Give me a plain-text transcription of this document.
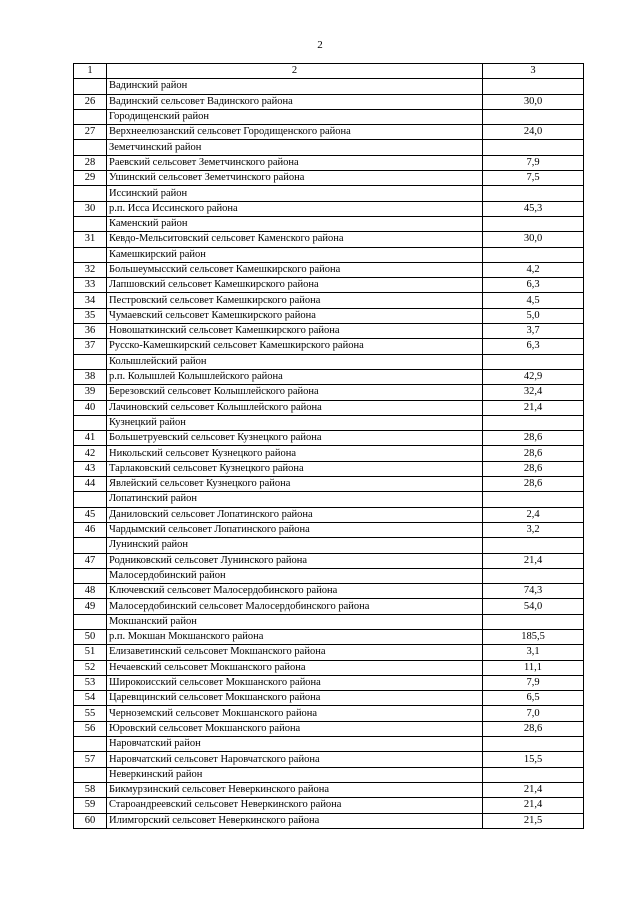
2
1	2	3
	Вадинский район	
26	Вадинский сельсовет Вадинского района	30,0
	Городищенский район	
27	Верхнеелюзанский сельсовет Городищенского района	24,0
	Земетчинский район	
28	Раевский сельсовет Земетчинского района	7,9
29	Ушинский сельсовет Земетчинского района	7,5
	Иссинский район	
30	р.п. Исса Иссинского района	45,3
	Каменский район	
31	Кевдо-Мельситовский сельсовет Каменского района	30,0
	Камешкирский район	
32	Большеумысский сельсовет Камешкирского района	4,2
33	Лапшовский сельсовет Камешкирского района	6,3
34	Пестровский сельсовет Камешкирского района	4,5
35	Чумаевский сельсовет Камешкирского района	5,0
36	Новошаткинский сельсовет Камешкирского района	3,7
37	Русско-Камешкирский сельсовет Камешкирского района	6,3
	Колышлейский район	
38	р.п. Колышлей Колышлейского района	42,9
39	Березовский сельсовет Колышлейского района	32,4
40	Лачиновский сельсовет Колышлейского района	21,4
	Кузнецкий район	
41	Большетруевский сельсовет Кузнецкого района	28,6
42	Никольский сельсовет Кузнецкого района	28,6
43	Тарлаковский сельсовет Кузнецкого района	28,6
44	Явлейский сельсовет Кузнецкого района	28,6
	Лопатинский район	
45	Даниловский сельсовет Лопатинского района	2,4
46	Чардымский сельсовет Лопатинского района	3,2
	Лунинский район	
47	Родниковский сельсовет Лунинского района	21,4
	Малосердобинский район	
48	Ключевский сельсовет Малосердобинского района	74,3
49	Малосердобинский сельсовет Малосердобинского района	54,0
	Мокшанский район	
50	р.п. Мокшан Мокшанского района	185,5
51	Елизаветинский сельсовет Мокшанского района	3,1
52	Нечаевский сельсовет Мокшанского района	11,1
53	Широкоисский сельсовет Мокшанского района	7,9
54	Царевщинский сельсовет Мокшанского района	6,5
55	Черноземский сельсовет Мокшанского района	7,0
56	Юровский сельсовет Мокшанского района	28,6
	Наровчатский район	
57	Наровчатский сельсовет Наровчатского района	15,5
	Неверкинский район	
58	Бикмурзинский сельсовет Неверкинского района	21,4
59	Староандреевский сельсовет Неверкинского района	21,4
60	Илимгорский сельсовет Неверкинского района	21,5
